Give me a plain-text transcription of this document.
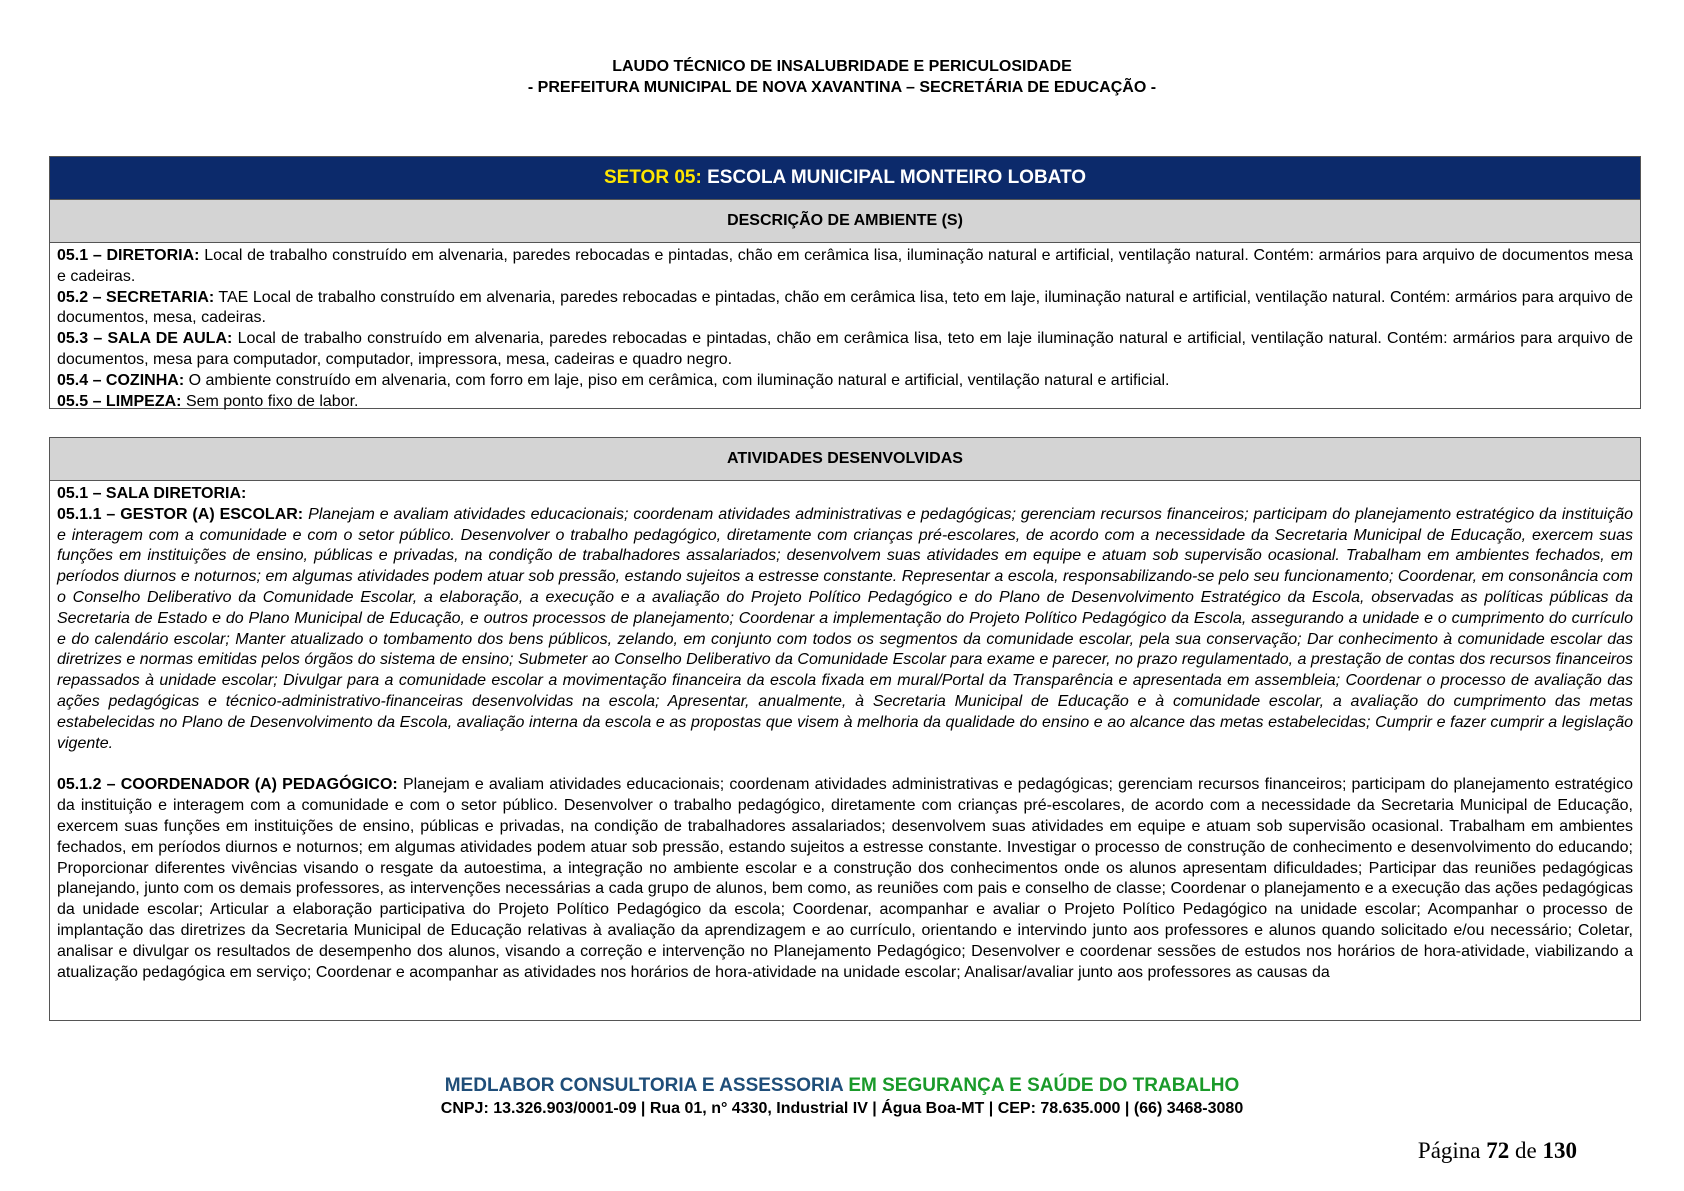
LAUDO TÉCNICO DE INSALUBRIDADE E PERICULOSIDADE
- PREFEITURA MUNICIPAL DE NOVA XAVANTINA – SECRETÁRIA DE EDUCAÇÃO -
SETOR 05: ESCOLA MUNICIPAL MONTEIRO LOBATO
DESCRIÇÃO DE AMBIENTE (S)

05.1 – DIRETORIA: Local de trabalho construído em alvenaria, paredes rebocadas e pintadas, chão em cerâmica lisa, iluminação natural e artificial, ventilação natural. Contém: armários para arquivo de documentos mesa e cadeiras.

05.2 – SECRETARIA: TAE Local de trabalho construído em alvenaria, paredes rebocadas e pintadas, chão em cerâmica lisa, teto em laje, iluminação natural e artificial, ventilação natural. Contém: armários para arquivo de documentos, mesa, cadeiras.

05.3 – SALA DE AULA: Local de trabalho construído em alvenaria, paredes rebocadas e pintadas, chão em cerâmica lisa, teto em laje iluminação natural e artificial, ventilação natural. Contém: armários para arquivo de documentos, mesa para computador, computador, impressora, mesa, cadeiras e quadro negro.

05.4 – COZINHA: O ambiente construído em alvenaria, com forro em laje, piso em cerâmica, com iluminação natural e artificial, ventilação natural e artificial.

05.5 – LIMPEZA: Sem ponto fixo de labor.

ATIVIDADES DESENVOLVIDAS

05.1 – SALA DIRETORIA:

05.1.1 – GESTOR (A) ESCOLAR: Planejam e avaliam atividades educacionais; coordenam atividades administrativas e pedagógicas; gerenciam recursos financeiros; participam do planejamento estratégico da instituição e interagem com a comunidade e com o setor público. Desenvolver o trabalho pedagógico, diretamente com crianças pré-escolares, de acordo com a necessidade da Secretaria Municipal de Educação, exercem suas funções em instituições de ensino, públicas e privadas, na condição de trabalhadores assalariados; desenvolvem suas atividades em equipe e atuam sob supervisão ocasional. Trabalham em ambientes fechados, em períodos diurnos e noturnos; em algumas atividades podem atuar sob pressão, estando sujeitos a estresse constante. Representar a escola, responsabilizando-se pelo seu funcionamento; Coordenar, em consonância com o Conselho Deliberativo da Comunidade Escolar, a elaboração, a execução e a avaliação do Projeto Político Pedagógico e do Plano de Desenvolvimento Estratégico da Escola, observadas as políticas públicas da Secretaria de Estado e do Plano Municipal de Educação, e outros processos de planejamento; Coordenar a implementação do Projeto Político Pedagógico da Escola, assegurando a unidade e o cumprimento do currículo e do calendário escolar; Manter atualizado o tombamento dos bens públicos, zelando, em conjunto com todos os segmentos da comunidade escolar, pela sua conservação; Dar conhecimento à comunidade escolar das diretrizes e normas emitidas pelos órgãos do sistema de ensino; Submeter ao Conselho Deliberativo da Comunidade Escolar para exame e parecer, no prazo regulamentado, a prestação de contas dos recursos financeiros repassados à unidade escolar; Divulgar para a comunidade escolar a movimentação financeira da escola fixada em mural/Portal da Transparência e apresentada em assembleia; Coordenar o processo de avaliação das ações pedagógicas e técnico-administrativo-financeiras desenvolvidas na escola; Apresentar, anualmente, à Secretaria Municipal de Educação e à comunidade escolar, a avaliação do cumprimento das metas estabelecidas no Plano de Desenvolvimento da Escola, avaliação interna da escola e as propostas que visem à melhoria da qualidade do ensino e ao alcance das metas estabelecidas; Cumprir e fazer cumprir a legislação vigente.

05.1.2 – COORDENADOR (A) PEDAGÓGICO: Planejam e avaliam atividades educacionais; coordenam atividades administrativas e pedagógicas; gerenciam recursos financeiros; participam do planejamento estratégico da instituição e interagem com a comunidade e com o setor público. Desenvolver o trabalho pedagógico, diretamente com crianças pré-escolares, de acordo com a necessidade da Secretaria Municipal de Educação, exercem suas funções em instituições de ensino, públicas e privadas, na condição de trabalhadores assalariados; desenvolvem suas atividades em equipe e atuam sob supervisão ocasional. Trabalham em ambientes fechados, em períodos diurnos e noturnos; em algumas atividades podem atuar sob pressão, estando sujeitos a estresse constante. Investigar o processo de construção de conhecimento e desenvolvimento do educando; Proporcionar diferentes vivências visando o resgate da autoestima, a integração no ambiente escolar e a construção dos conhecimentos onde os alunos apresentam dificuldades; Participar das reuniões pedagógicas planejando, junto com os demais professores, as intervenções necessárias a cada grupo de alunos, bem como, as reuniões com pais e conselho de classe; Coordenar o planejamento e a execução das ações pedagógicas da unidade escolar; Articular a elaboração participativa do Projeto Político Pedagógico da escola; Coordenar, acompanhar e avaliar o Projeto Político Pedagógico na unidade escolar; Acompanhar o processo de implantação das diretrizes da Secretaria Municipal de Educação relativas à avaliação da aprendizagem e ao currículo, orientando e intervindo junto aos professores e alunos quando solicitado e/ou necessário; Coletar, analisar e divulgar os resultados de desempenho dos alunos, visando a correção e intervenção no Planejamento Pedagógico; Desenvolver e coordenar sessões de estudos nos horários de hora-atividade, viabilizando a atualização pedagógica em serviço; Coordenar e acompanhar as atividades nos horários de hora-atividade na unidade escolar; Analisar/avaliar junto aos professores as causas da

MEDLABOR CONSULTORIA E ASSESSORIA EM SEGURANÇA E SAÚDE DO TRABALHO
CNPJ: 13.326.903/0001-09 | Rua 01, n° 4330, Industrial IV | Água Boa-MT | CEP: 78.635.000 | (66) 3468-3080
Página 72 de 130
